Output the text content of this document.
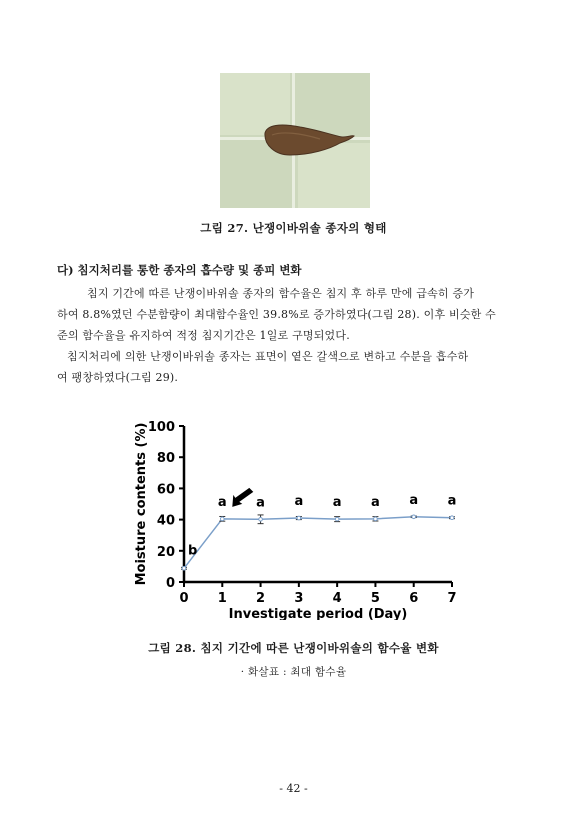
그림 27. 난쟁이바위솔 종자의 형태
다) 침지처리를 통한 종자의 흡수량 및 종피 변화
침지 기간에 따른 난쟁이바위솔 종자의 함수율은 침지 후 하루 만에 급속히 증가
하여 8.8%였던 수분함량이 최대함수율인 39.8%로 증가하였다(그림 28). 이후 비슷한 수
준의 함수율을 유지하여 적정 침지기간은 1일로 구명되었다.
침지처리에 의한 난쟁이바위솔 종자는 표면이 옅은 갈색으로 변하고 수분을 흡수하
여 팽창하였다(그림 29).
0
20
40
60
80
100
0 1 2 3 4 5 6 7
b
a a a a a a a
Moisture contents (%)
Investigate period (Day)
그림 28. 침지 기간에 따른 난쟁이바위솔의 함수율 변화
· 화살표 : 최대 함수율
- 42 -
